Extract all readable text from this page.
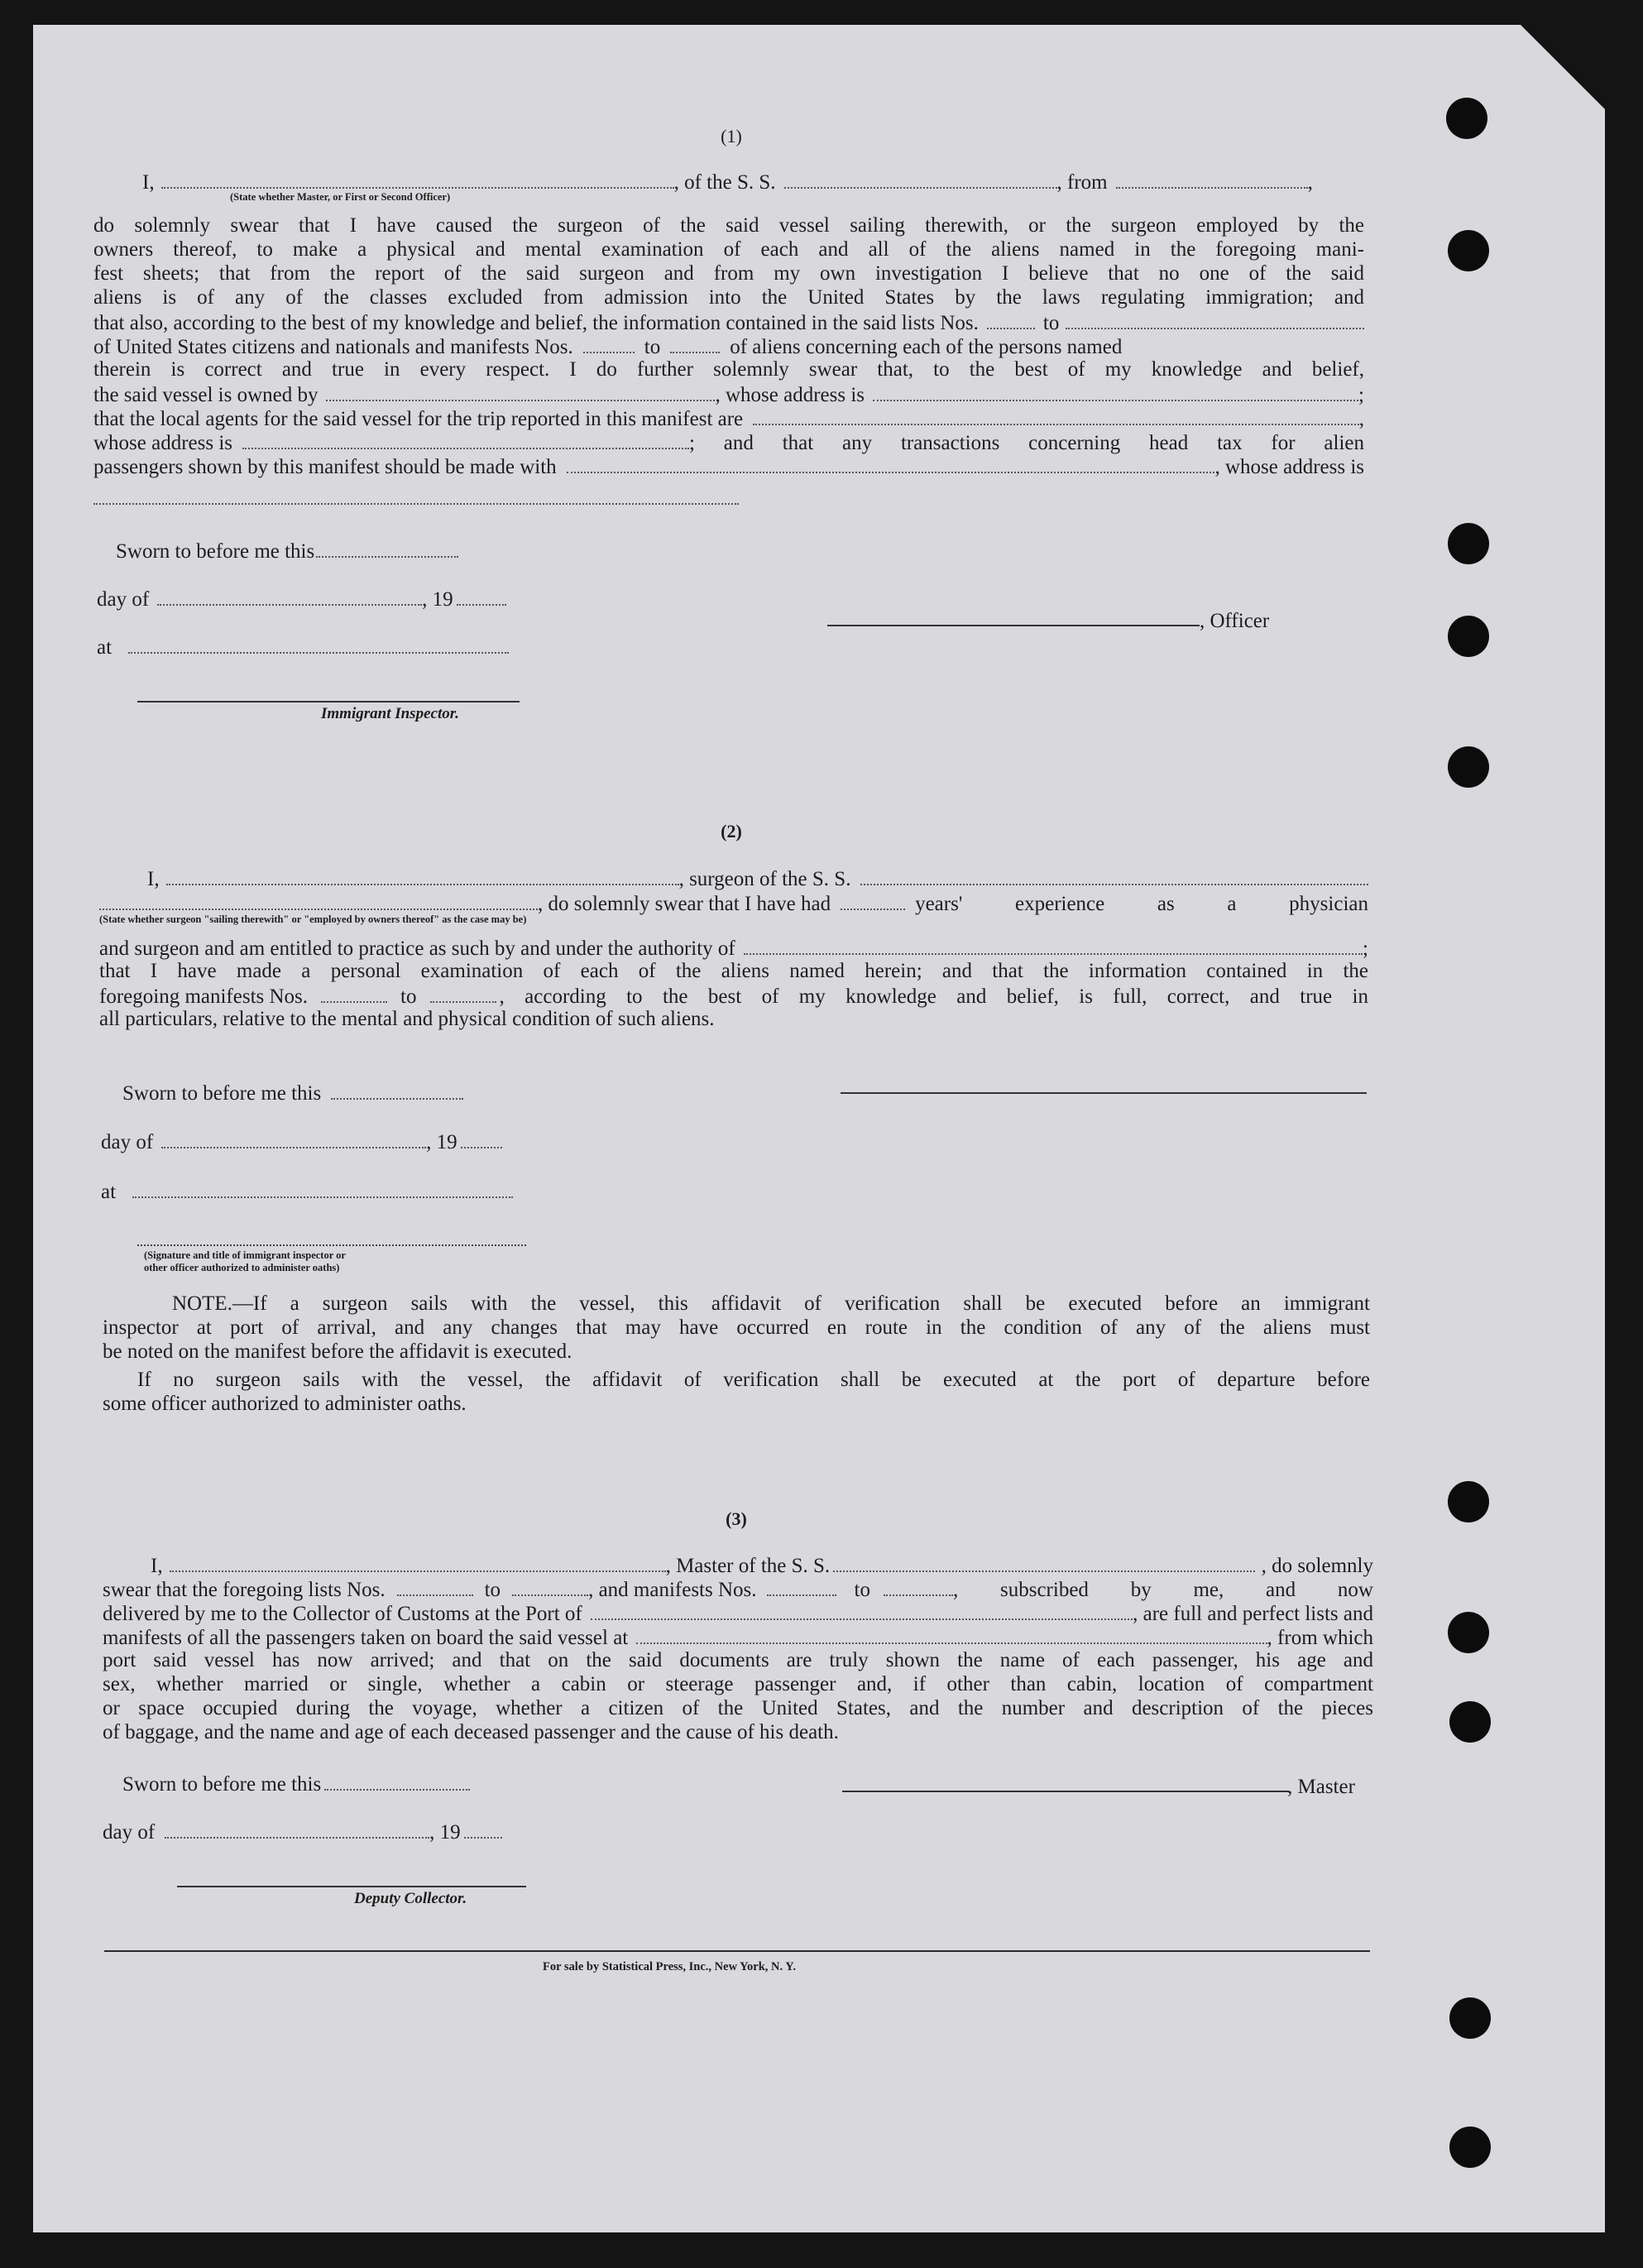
(1)
I,	, of the S. S.	, from	,
(State whether Master, or First or Second Officer)
do solemnly swear that I have caused the surgeon of the said vessel sailing therewith, or the surgeon employed by the
owners thereof, to make a physical and mental examination of each and all of the aliens named in the foregoing mani-
fest sheets; that from the report of the said surgeon and from my own investigation I believe that no one of the said
aliens is of any of the classes excluded from admission into the United States by the laws regulating immigration; and
that also, according to the best of my knowledge and belief, the information contained in the said lists Nos.	to
of United States citizens and nationals and manifests Nos.	to	of aliens concerning each of the persons named
therein is correct and true in every respect. I do further solemnly swear that, to the best of my knowledge and belief,
the said vessel is owned by	, whose address is	;
that the local agents for the said vessel for the trip reported in this manifest are	,
whose address is	; and that any transactions concerning head tax for alien
passengers shown by this manifest should be made with	, whose address is
Sworn to before me this
day of	, 19
at
Immigrant Inspector.
, Officer
(2)
I,	, surgeon of the S. S.
, do solemnly swear that I have had	years' experience as a physician
(State whether surgeon "sailing therewith" or "employed by owners thereof" as the case may be)
and surgeon and am entitled to practice as such by and under the authority of	;
that I have made a personal examination of each of the aliens named herein; and that the information contained in the
foregoing manifests Nos.	to	, according to the best of my knowledge and belief, is full, correct, and true in
all particulars, relative to the mental and physical condition of such aliens.
Sworn to before me this
day of	, 19
at
(Signature and title of immigrant inspector or
other officer authorized to administer oaths)
NOTE.—If a surgeon sails with the vessel, this affidavit of verification shall be executed before an immigrant
inspector at port of arrival, and any changes that may have occurred en route in the condition of any of the aliens must
be noted on the manifest before the affidavit is executed.
If no surgeon sails with the vessel, the affidavit of verification shall be executed at the port of departure before
some officer authorized to administer oaths.
(3)
I,	, Master of the S. S.	, do solemnly
swear that the foregoing lists Nos.	to	, and manifests Nos.	to	, subscribed by me, and now
delivered by me to the Collector of Customs at the Port of	, are full and perfect lists and
manifests of all the passengers taken on board the said vessel at	, from which
port said vessel has now arrived; and that on the said documents are truly shown the name of each passenger, his age and
sex, whether married or single, whether a cabin or steerage passenger and, if other than cabin, location of compartment
or space occupied during the voyage, whether a citizen of the United States, and the number and description of the pieces
of baggage, and the name and age of each deceased passenger and the cause of his death.
Sworn to before me this
day of	, 19
Deputy Collector.
, Master
For sale by Statistical Press, Inc., New York, N. Y.
